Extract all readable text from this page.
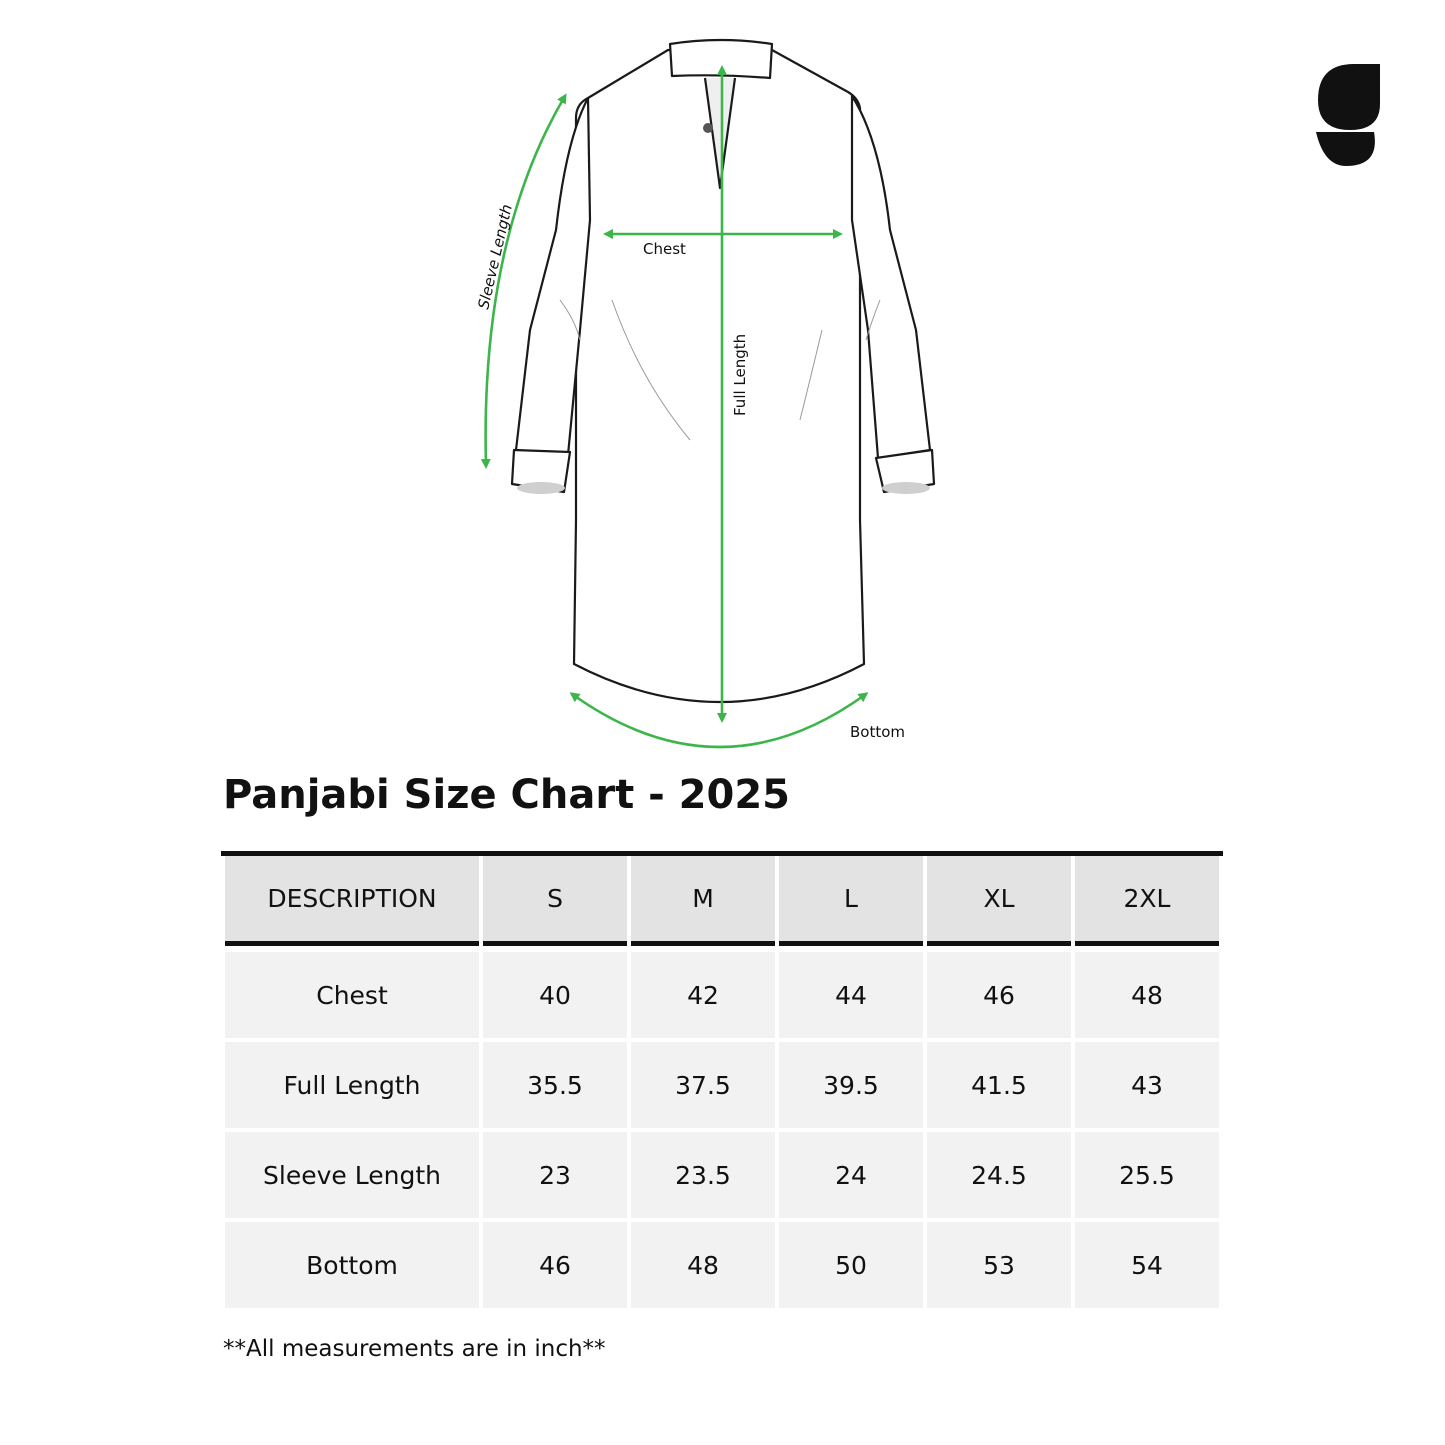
Sleeve Length	Chest
Full Length
Bottom
Panjabi Size Chart - 2025
DESCRIPTION	S	M	L	XL	2XL
Chest	40	42	44	46	48
Full Length	35.5	37.5	39.5	41.5	43
Sleeve Length	23	23.5	24	24.5	25.5
Bottom	46	48	50	53	54

**All measurements are in inch**
